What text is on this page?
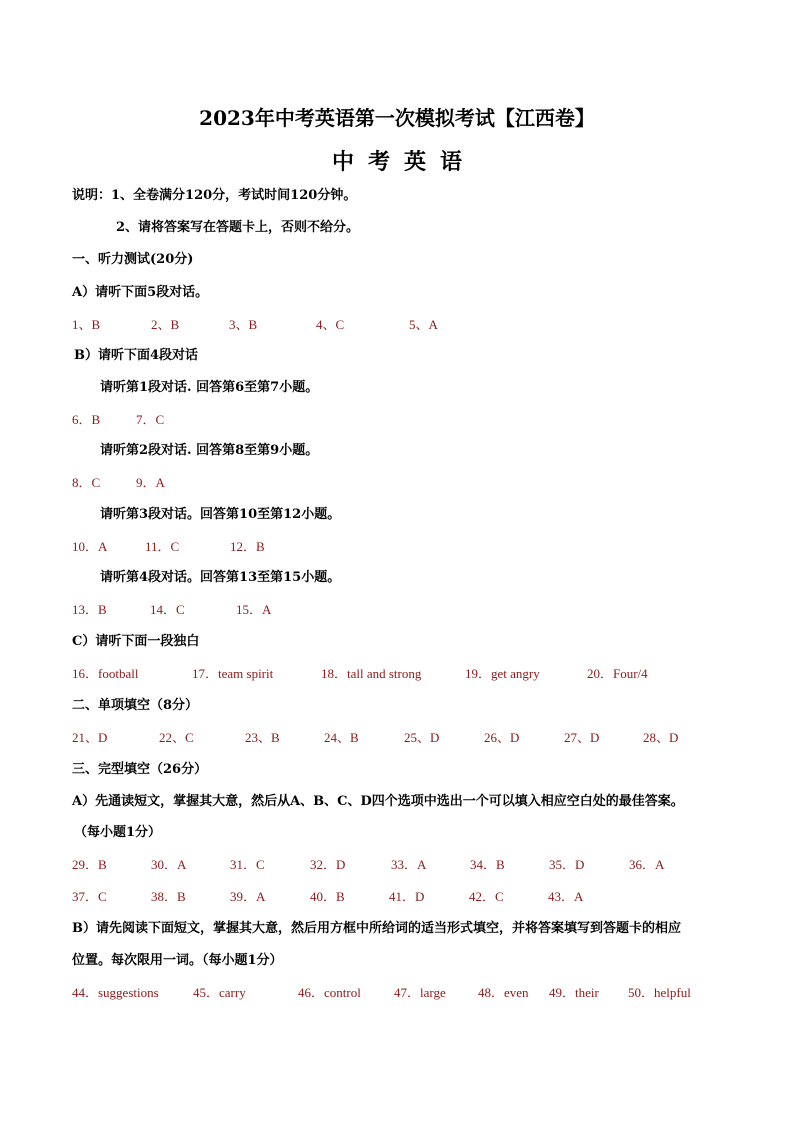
2023年中考英语第一次模拟考试【江西卷】
中考英语
说明：1、全卷满分120分，考试时间120分钟。
2、请将答案写在答题卡上，否则不给分。
一、听力测试(20分)
A）请听下面5段对话。
1、B	2、B	3、B	4、C	5、A
B）请听下面4段对话
请听第1段对话. 回答第6至第7小题。
6．B	7．C
请听第2段对话. 回答第8至第9小题。
8．C	9．A
请听第3段对话。回答第10至第12小题。
10．A	11．C	12．B
请听第4段对话。回答第13至第15小题。
13．B	14．C	15．A
C）请听下面一段独白
16．football	17．team spirit	18．tall and strong	19．get angry	20．Four/4
二、单项填空（8分）
21、D	22、C	23、B	24、B	25、D	26、D	27、D	28、D
三、完型填空（26分）
A）先通读短文，掌握其大意，然后从A、B、C、D四个选项中选出一个可以填入相应空白处的最佳答案。
（每小题1分）
29．B	30．A	31．C	32．D	33．A	34．B	35．D	36．A
37．C	38．B	39．A	40．B	41．D	42．C	43．A
B）请先阅读下面短文，掌握其大意，然后用方框中所给词的适当形式填空，并将答案填写到答题卡的相应
位置。每次限用一词。（每小题1分）
44．suggestions	45．carry	46．control	47．large 48．even 49．their 50．helpful
